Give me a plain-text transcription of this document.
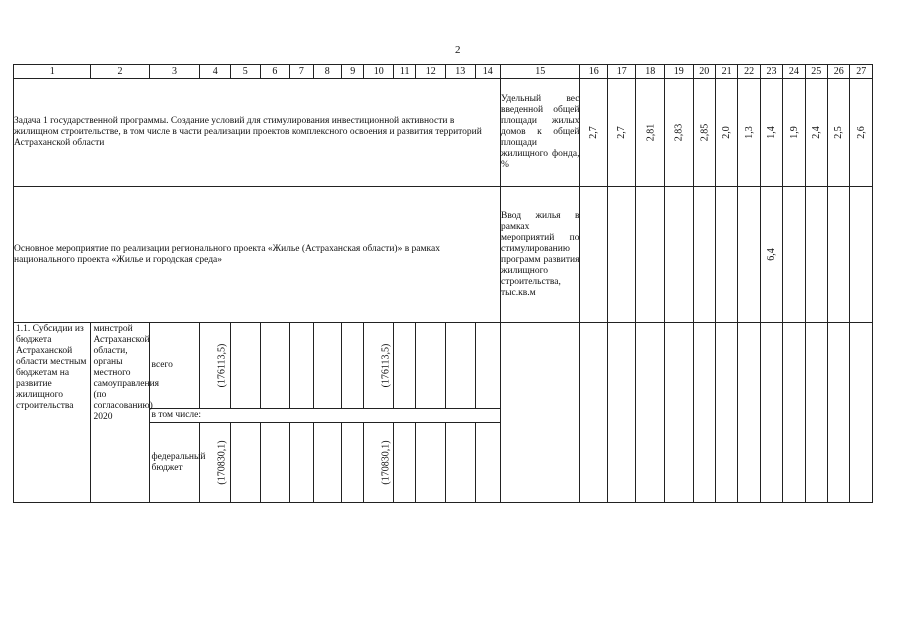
2
1	2	3	4	5	6	7	8	9	10	11	12	13	14	15	16	17	18	19	20	21	22	23	24	25	26	27
Задача 1 государственной программы. Создание условий для стимулирования инвестиционной активности в жилищном строительстве, в том числе в части реализации проектов комплексного освоения и развития территорий Астраханской области														Удельный вес введенной общей площади жилых домов к общей площади жилищного фонда, %	2,7	2,7	2,81	2,83	2,85	2,0	1,3	1,4	1,9	2,4	2,5	2,6

Основное мероприятие по реализации регионального проекта «Жилье (Астраханская области)» в рамках национального проекта «Жилье и городская среда»														Ввод жилья в рамках мероприятий по стимулированию программ развития жилищного строительства, тыс.кв.м								6,4				

1.1. Субсидии из бюджета Астраханской области местным бюджетам на развитие жилищного строительства	минстрой Астраханской области, органы местного самоуправления (по согласованию) 2020	всего	(176113,5)						(176113,5)																	
		в том числе:																								
		федеральный бюджет	(170830,1)						(170830,1)																	
